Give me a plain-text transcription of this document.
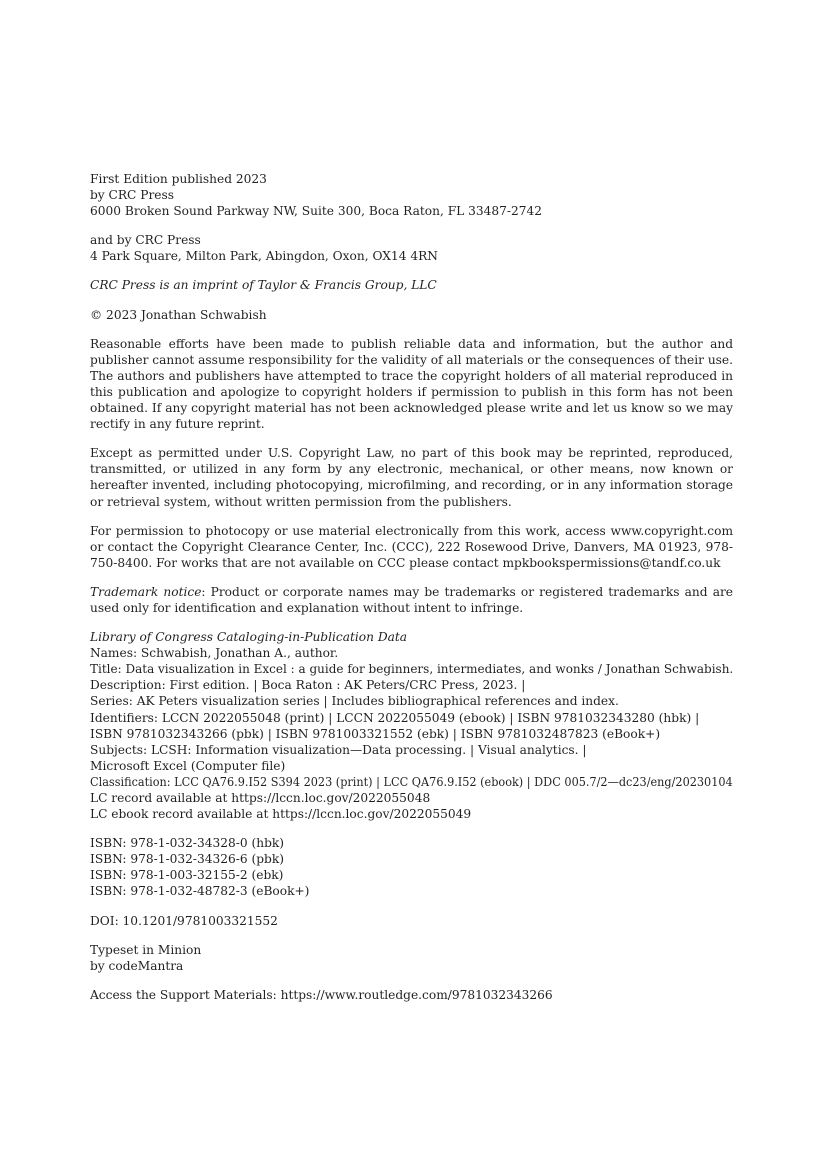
First Edition published 2023
by CRC Press
6000 Broken Sound Parkway NW, Suite 300, Boca Raton, FL 33487-2742
and by CRC Press
4 Park Square, Milton Park, Abingdon, Oxon, OX14 4RN
CRC Press is an imprint of Taylor & Francis Group, LLC
© 2023 Jonathan Schwabish
Reasonable efforts have been made to publish reliable data and information, but the author and publisher cannot assume responsibility for the validity of all materials or the consequences of their use. The authors and publishers have attempted to trace the copyright holders of all material reproduced in this publication and apologize to copyright holders if permission to publish in this form has not been obtained. If any copyright material has not been acknowledged please write and let us know so we may rectify in any future reprint.
Except as permitted under U.S. Copyright Law, no part of this book may be reprinted, reproduced, transmitted, or utilized in any form by any electronic, mechanical, or other means, now known or hereafter invented, including photocopying, microfilming, and recording, or in any information storage or retrieval system, without written permission from the publishers.
For permission to photocopy or use material electronically from this work, access www.copyright.com or contact the Copyright Clearance Center, Inc. (CCC), 222 Rosewood Drive, Danvers, MA 01923, 978-750-8400. For works that are not available on CCC please contact mpkbookspermissions@tandf.co.uk
Trademark notice: Product or corporate names may be trademarks or registered trademarks and are used only for identification and explanation without intent to infringe.
Library of Congress Cataloging-in-Publication Data
Names: Schwabish, Jonathan A., author.
Title: Data visualization in Excel : a guide for beginners, intermediates, and wonks / Jonathan Schwabish.
Description: First edition. | Boca Raton : AK Peters/CRC Press, 2023. |
Series: AK Peters visualization series | Includes bibliographical references and index.
Identifiers: LCCN 2022055048 (print) | LCCN 2022055049 (ebook) | ISBN 9781032343280 (hbk) |
ISBN 9781032343266 (pbk) | ISBN 9781003321552 (ebk) | ISBN 9781032487823 (eBook+)
Subjects: LCSH: Information visualization—Data processing. | Visual analytics. |
Microsoft Excel (Computer file)
Classification: LCC QA76.9.I52 S394 2023 (print) | LCC QA76.9.I52 (ebook) | DDC 005.7/2—dc23/eng/20230104
LC record available at https://lccn.loc.gov/2022055048
LC ebook record available at https://lccn.loc.gov/2022055049
ISBN: 978-1-032-34328-0 (hbk)
ISBN: 978-1-032-34326-6 (pbk)
ISBN: 978-1-003-32155-2 (ebk)
ISBN: 978-1-032-48782-3 (eBook+)
DOI: 10.1201/9781003321552
Typeset in Minion
by codeMantra
Access the Support Materials: https://www.routledge.com/9781032343266
